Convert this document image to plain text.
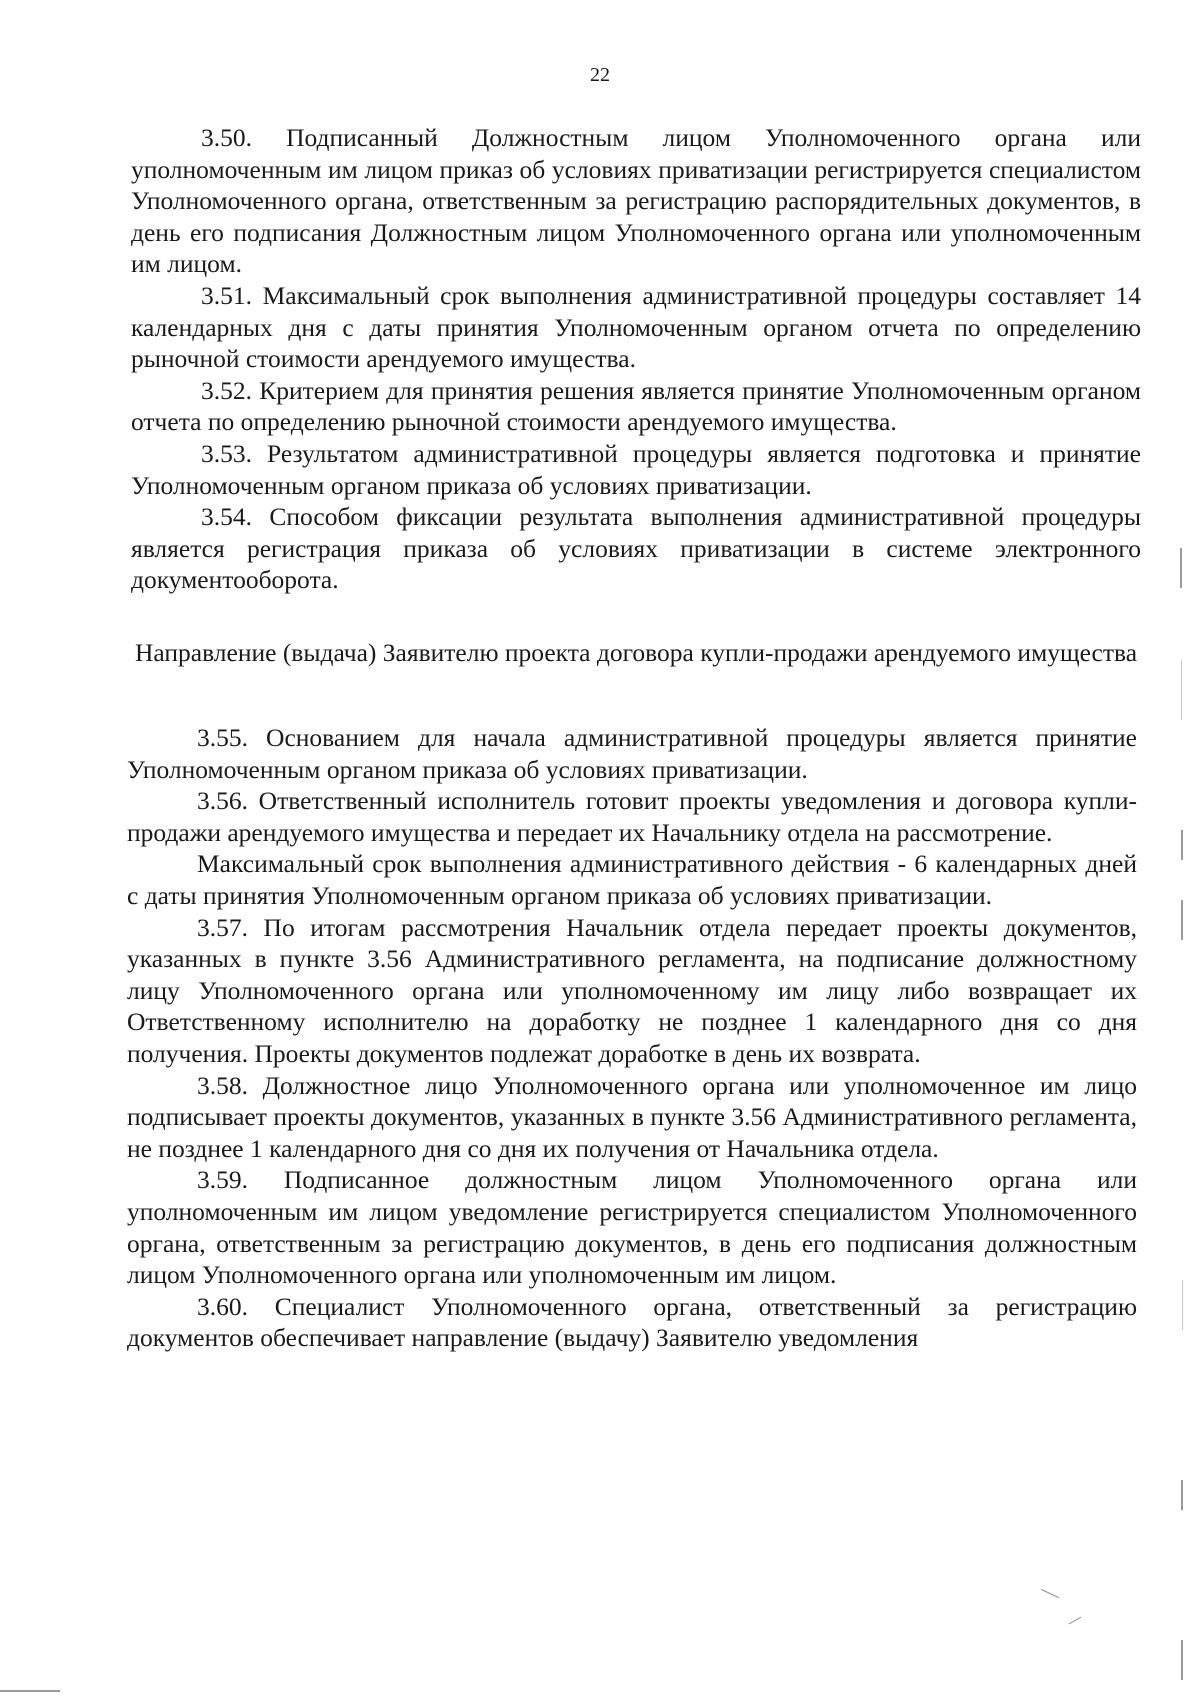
22

3.50. Подписанный Должностным лицом Уполномоченного органа или уполномоченным им лицом приказ об условиях приватизации регистрируется специалистом Уполномоченного органа, ответственным за регистрацию распорядительных документов, в день его подписания Должностным лицом Уполномоченного органа или уполномоченным им лицом.

3.51. Максимальный срок выполнения административной процедуры составляет 14 календарных дня с даты принятия Уполномоченным органом отчета по определению рыночной стоимости арендуемого имущества.

3.52. Критерием для принятия решения является принятие Уполномоченным органом отчета по определению рыночной стоимости арендуемого имущества.

3.53. Результатом административной процедуры является подготовка и принятие Уполномоченным органом приказа об условиях приватизации.

3.54. Способом фиксации результата выполнения административной процедуры является регистрация приказа об условиях приватизации в системе электронного документооборота.

Направление (выдача) Заявителю проекта договора купли-продажи арендуемого имущества

3.55. Основанием для начала административной процедуры является принятие Уполномоченным органом приказа об условиях приватизации.

3.56. Ответственный исполнитель готовит проекты уведомления и договора купли-продажи арендуемого имущества и передает их Начальнику отдела на рассмотрение.

Максимальный срок выполнения административного действия - 6 календарных дней с даты принятия Уполномоченным органом приказа об условиях приватизации.

3.57. По итогам рассмотрения Начальник отдела передает проекты документов, указанных в пункте 3.56 Административного регламента, на подписание должностному лицу Уполномоченного органа или уполномоченному им лицу либо возвращает их Ответственному исполнителю на доработку не позднее 1 календарного дня со дня получения. Проекты документов подлежат доработке в день их возврата.

3.58. Должностное лицо Уполномоченного органа или уполномоченное им лицо подписывает проекты документов, указанных в пункте 3.56 Административного регламента, не позднее 1 календарного дня со дня их получения от Начальника отдела.

3.59. Подписанное должностным лицом Уполномоченного органа или уполномоченным им лицом уведомление регистрируется специалистом Уполномоченного органа, ответственным за регистрацию документов, в день его подписания должностным лицом Уполномоченного органа или уполномоченным им лицом.

3.60. Специалист Уполномоченного органа, ответственный за регистрацию документов обеспечивает направление (выдачу) Заявителю уведомления
